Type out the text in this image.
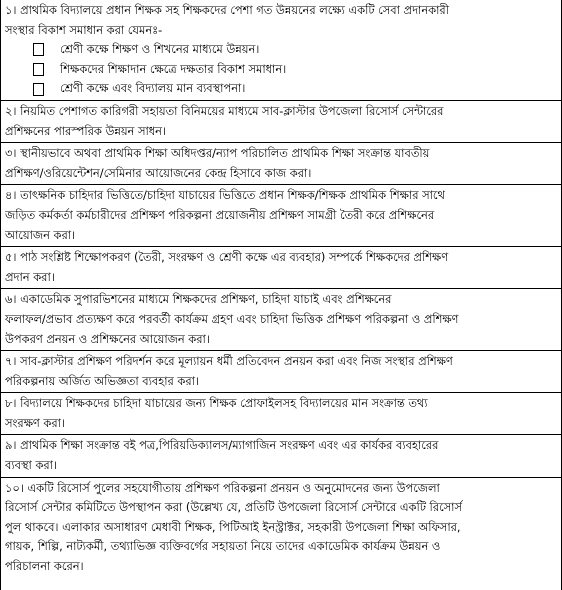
১। প্রাথমিক বিদ্যালয়ে প্রধান শিক্ষক সহ শিক্ষকদের পেশা গত উন্নয়নের লক্ষ্যে একটি সেবা প্রদানকারী
সংস্থার বিকাশ সমাধান করা যেমনঃ-
শ্রেণী কক্ষে শিক্ষণ ও শিখনের মাধ্যমে উন্নয়ন।
শিক্ষকদের শিক্ষাদান ক্ষেত্রে দক্ষতার বিকাশ সমাধান।
শ্রেণী কক্ষে এবং বিদ্যালয় মান ব্যবস্থাপনা।
২। নিয়মিত পেশাগত কারিগরী সহায়তা বিনিময়ের মাধ্যমে সাব-ক্লাস্টার উপজেলা রিসোর্স সেন্টারের
প্রশিক্ষনের পারস্পরিক উন্নয়ন সাধন।
৩। স্থানীয়ভাবে অথবা প্রাথমিক শিক্ষা অধিদপ্তর/ন্যাপ পরিচালিত প্রাথমিক শিক্ষা সংক্রান্ত যাবতীয়
প্রশিক্ষণ/ওরিয়েন্টেশন/সেমিনার আয়োজনের কেন্দ্র হিসাবে কাজ করা।
৪। তাৎক্ষনিক চাহিদার ভিত্তিতে/চাহিদা যাচায়ের ভিত্তিতে প্রধান শিক্ষক/শিক্ষক প্রাথমিক শিক্ষার সাথে
জড়িত কর্মকর্তা কর্মচারীদের প্রশিক্ষণ পরিকল্পনা প্রয়োজনীয় প্রশিক্ষণ সামগ্রী তৈরী করে প্রশিক্ষনের
আয়োজন করা।
৫। পাঠ সংশ্লিষ্ট শিক্ষোপকরণ (তৈরী, সংরক্ষণ ও শ্রেণী কক্ষে এর ব্যবহার) সম্পর্কে শিক্ষকদের প্রশিক্ষণ
প্রদান করা।
৬। একাডেমিক সুপারভিশনের মাধ্যমে শিক্ষকদের প্রশিক্ষণ, চাহিদা যাচাই এবং প্রশিক্ষনের
ফলাফল/প্রভাব প্রত্যক্ষণ করে পরবর্তী কার্যক্রম গ্রহণ এবং চাহিদা ভিত্তিক প্রশিক্ষণ পরিকল্পনা ও প্রশিক্ষণ
উপকরণ প্রনয়ন ও প্রশিক্ষনের আয়োজন করা।
৭। সাব-ক্লাস্টার প্রশিক্ষণ পরিদর্শন করে মূল্যায়ন ধর্মী প্রতিবেদন প্রনয়ন করা এবং নিজ সংস্থার প্রশিক্ষণ
পরিকল্পনায় অর্জিত অভিজ্ঞতা ব্যবহার করা।
৮। বিদ্যালয়ে শিক্ষকদের চাহিদা যাচায়ের জন্য শিক্ষক প্রোফাইলসহ বিদ্যালয়ের মান সংক্রান্ত তথ্য
সংরক্ষণ করা।
৯। প্রাথমিক শিক্ষা সংক্রান্ত বই পত্র,পিরিয়ডিক্যালস/ম্যাগাজিন সংরক্ষণ এবং এর কার্যকর ব্যবহারের
ব্যবস্থা করা।
১০। একটি রিসোর্স পুলের সহযোগীতায় প্রশিক্ষণ পরিকল্পনা প্রনয়ন ও অনুমোদনের জন্য উপজেলা
রিসোর্স সেন্টার কমিটিতে উপস্থাপন করা (উল্লেখ্য যে, প্রতিটি উপজেলা রিসোর্স সেন্টারে একটি রিসোর্স
পুল থাকবে। এলাকার অসাধারণ মেধাবী শিক্ষক, পিটিআই ইনস্ট্রাক্টর, সহকারী উপজেলা শিক্ষা অফিসার,
গায়ক, শিল্পি, নাট্যকর্মী, তথ্যাভিজ্ঞ ব্যক্তিবর্গের সহায়তা নিয়ে তাদের একাডেমিক কার্যক্রম উন্নয়ন ও
পরিচালনা করেন।
